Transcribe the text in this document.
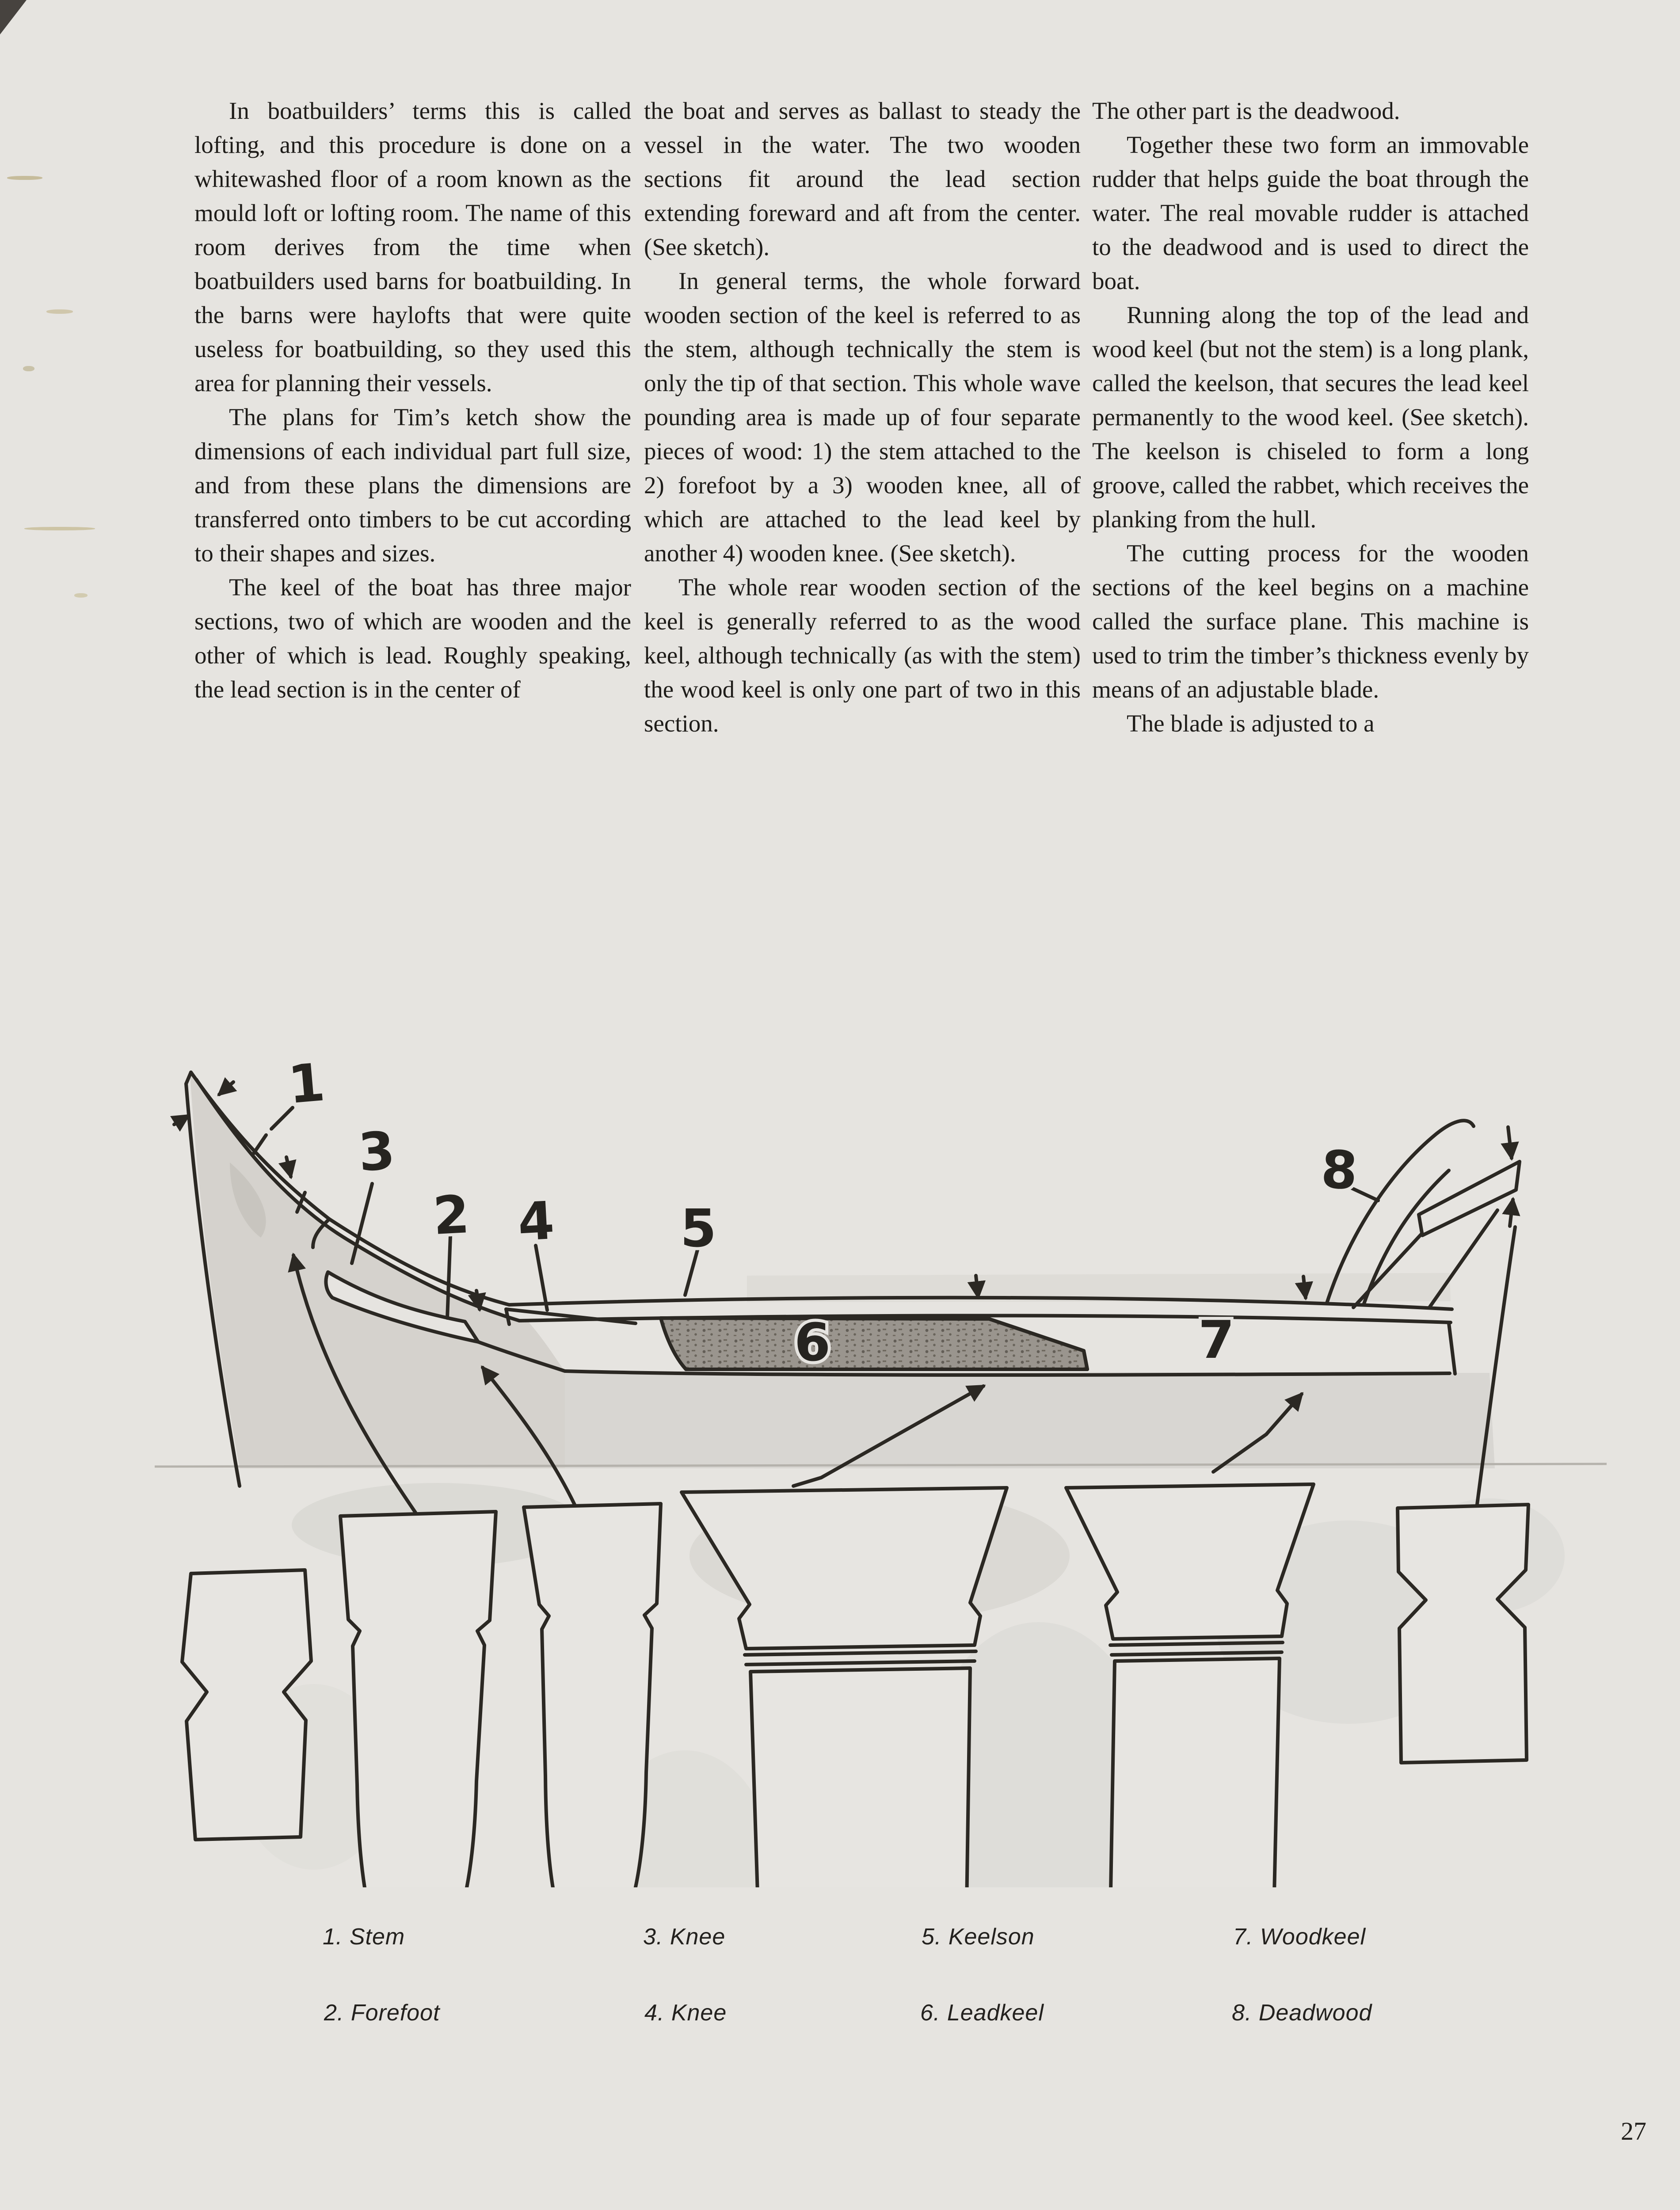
In boatbuilders’ terms this is called lofting, and this procedure is done on a whitewashed floor of a room known as the mould loft or lofting room. The name of this room derives from the time when boatbuilders used barns for boatbuilding. In the barns were haylofts that were quite useless for boatbuilding, so they used this area for planning their vessels.

The plans for Tim’s ketch show the dimensions of each individual part full size, and from these plans the dimensions are transferred onto timbers to be cut according to their shapes and sizes.

The keel of the boat has three major sections, two of which are wooden and the other of which is lead. Roughly speaking, the lead section is in the center of

the boat and serves as ballast to steady the vessel in the water. The two wooden sections fit around the lead section extending foreward and aft from the center. (See sketch).

In general terms, the whole forward wooden section of the keel is referred to as the stem, although technically the stem is only the tip of that section. This whole wave pounding area is made up of four separate pieces of wood: 1) the stem attached to the 2) forefoot by a 3) wooden knee, all of which are attached to the lead keel by another 4) wooden knee. (See sketch).

The whole rear wooden section of the keel is generally referred to as the wood keel, although technically (as with the stem) the wood keel is only one part of two in this section.

The other part is the deadwood.

Together these two form an immovable rudder that helps guide the boat through the water. The real movable rudder is attached to the deadwood and is used to direct the boat.

Running along the top of the lead and wood keel (but not the stem) is a long plank, called the keelson, that secures the lead keel permanently to the wood keel. (See sketch). The keelson is chiseled to form a long groove, called the rabbet, which receives the planking from the hull.

The cutting process for the wooden sections of the keel begins on a machine called the surface plane. This machine is used to trim the timber’s thickness evenly by means of an adjustable blade.

The blade is adjusted to a

1
3
2 4 5
6	7
8
1. Stem	3. Knee	5. Keelson	7. Woodkeel
2. Forefoot	4. Knee	6. Leadkeel	8. Deadwood
27
